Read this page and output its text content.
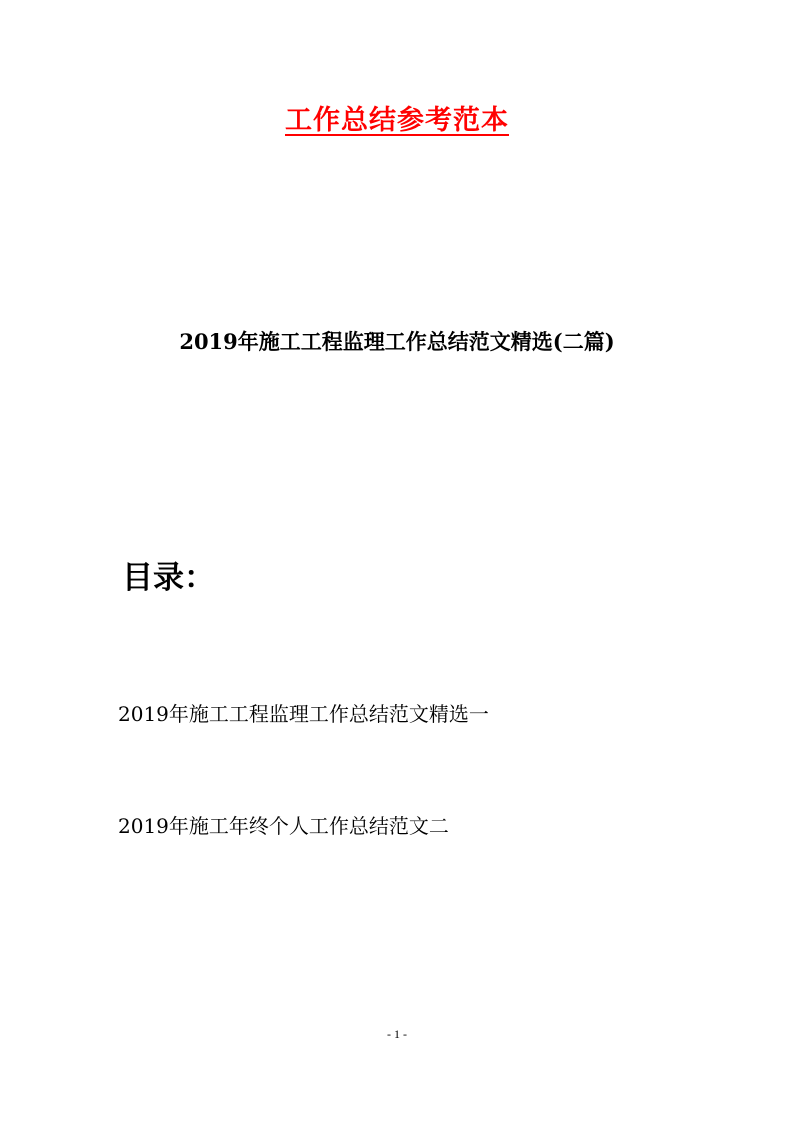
工作总结参考范本
2019年施工工程监理工作总结范文精选(二篇)
目录：
2019年施工工程监理工作总结范文精选一
2019年施工年终个人工作总结范文二
- 1 -
